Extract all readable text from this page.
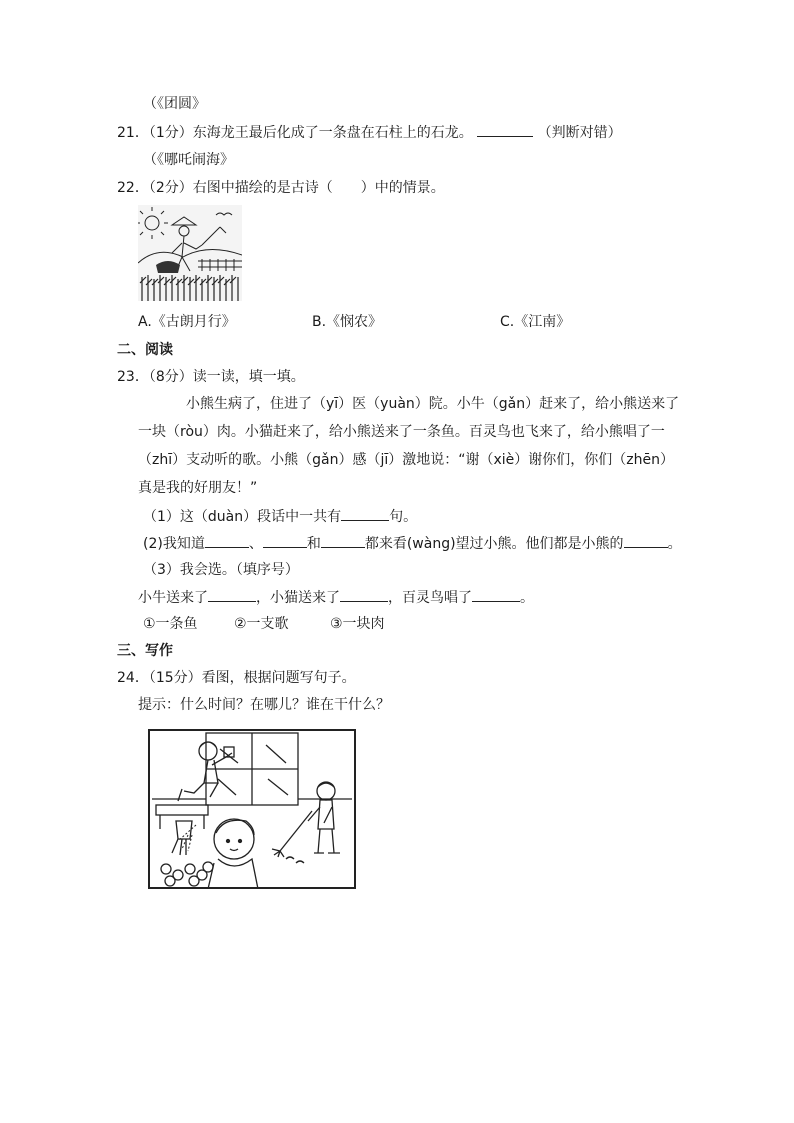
（《团圆》
21．（1分）东海龙王最后化成了一条盘在石柱上的石龙。	（判断对错）
（《哪吒闹海》
22．（2分）右图中描绘的是古诗（　　）中的情景。
A.《古朗月行》	B.《悯农》	C.《江南》
二、阅读
23．（8分）读一读，填一填。
小熊生病了，住进了（yī）医（yuàn）院。小牛（gǎn）赶来了，给小熊送来了
一块（ròu）肉。小猫赶来了，给小熊送来了一条鱼。百灵鸟也飞来了，给小熊唱了一
（zhī）支动听的歌。小熊（gǎn）感（jī）激地说：“谢（xiè）谢你们，你们（zhēn）
真是我的好朋友！”
（1）这（duàn）段话中一共有	句。
(2)我知道	、	和	都来看(wàng)望过小熊。他们都是小熊的	。
（3）我会选。（填序号）
小牛送来了	，小猫送来了	，百灵鸟唱了	。
①一条鱼	②一支歌	③一块肉
三、写作
24．（15分）看图，根据问题写句子。
提示：什么时间？在哪儿？谁在干什么？
